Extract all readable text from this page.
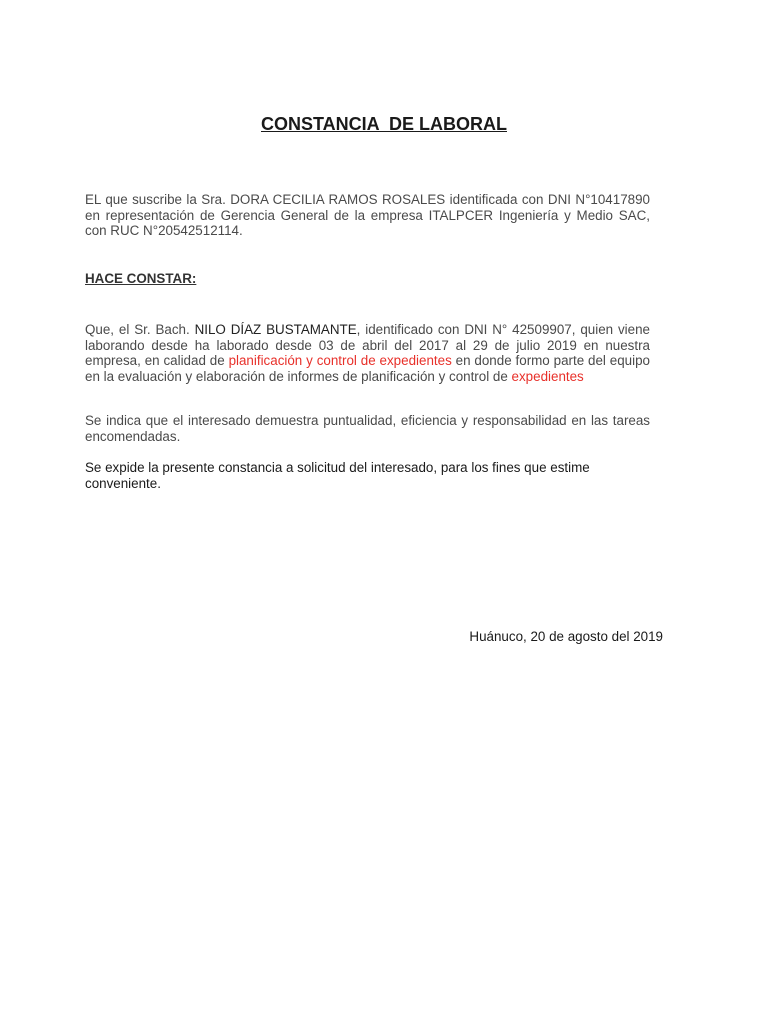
CONSTANCIA  DE LABORAL
EL que suscribe la Sra. DORA CECILIA RAMOS ROSALES identificada con DNI N°10417890 en representación de Gerencia General de la empresa ITALPCER Ingeniería y Medio SAC, con RUC N°20542512114.
HACE CONSTAR:
Que, el Sr. Bach. NILO DÍAZ BUSTAMANTE, identificado con DNI N° 42509907, quien viene laborando desde ha laborado desde 03 de abril del 2017 al 29 de julio 2019 en nuestra empresa, en calidad de planificación y control de expedientes en donde formo parte del equipo en la evaluación y elaboración de informes de planificación y control de expedientes
Se indica que el interesado demuestra puntualidad, eficiencia y responsabilidad en las tareas encomendadas.
Se expide la presente constancia a solicitud del interesado, para los fines que estime conveniente.
Huánuco, 20 de agosto del 2019
